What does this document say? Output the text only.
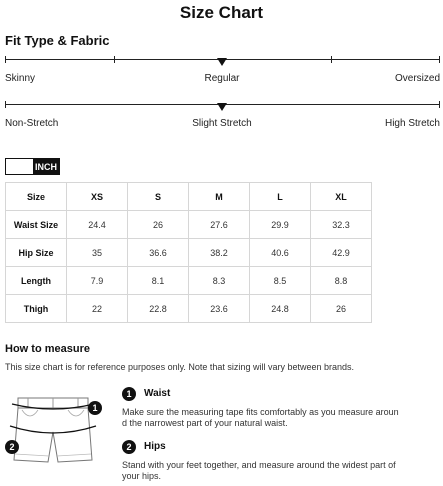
Size Chart
Fit Type & Fabric
Skinny	Regular	Oversized
Non-Stretch	Slight Stretch	High Stretch
INCH
Size	XS	S	M	L	XL
Waist Size	24.4	26	27.6	29.9	32.3
Hip Size	35	36.6	38.2	40.6	42.9
Length	7.9	8.1	8.3	8.5	8.8
Thigh	22	22.8	23.6	24.8	26
How to measure
This size chart is for reference purposes only. Note that sizing will vary between brands.
1
2
1	Waist
Make sure the measuring tape fits comfortably as you measure aroun
d the narrowest part of your natural waist.
2	Hips
Stand with your feet together, and measure around the widest part of
your hips.
